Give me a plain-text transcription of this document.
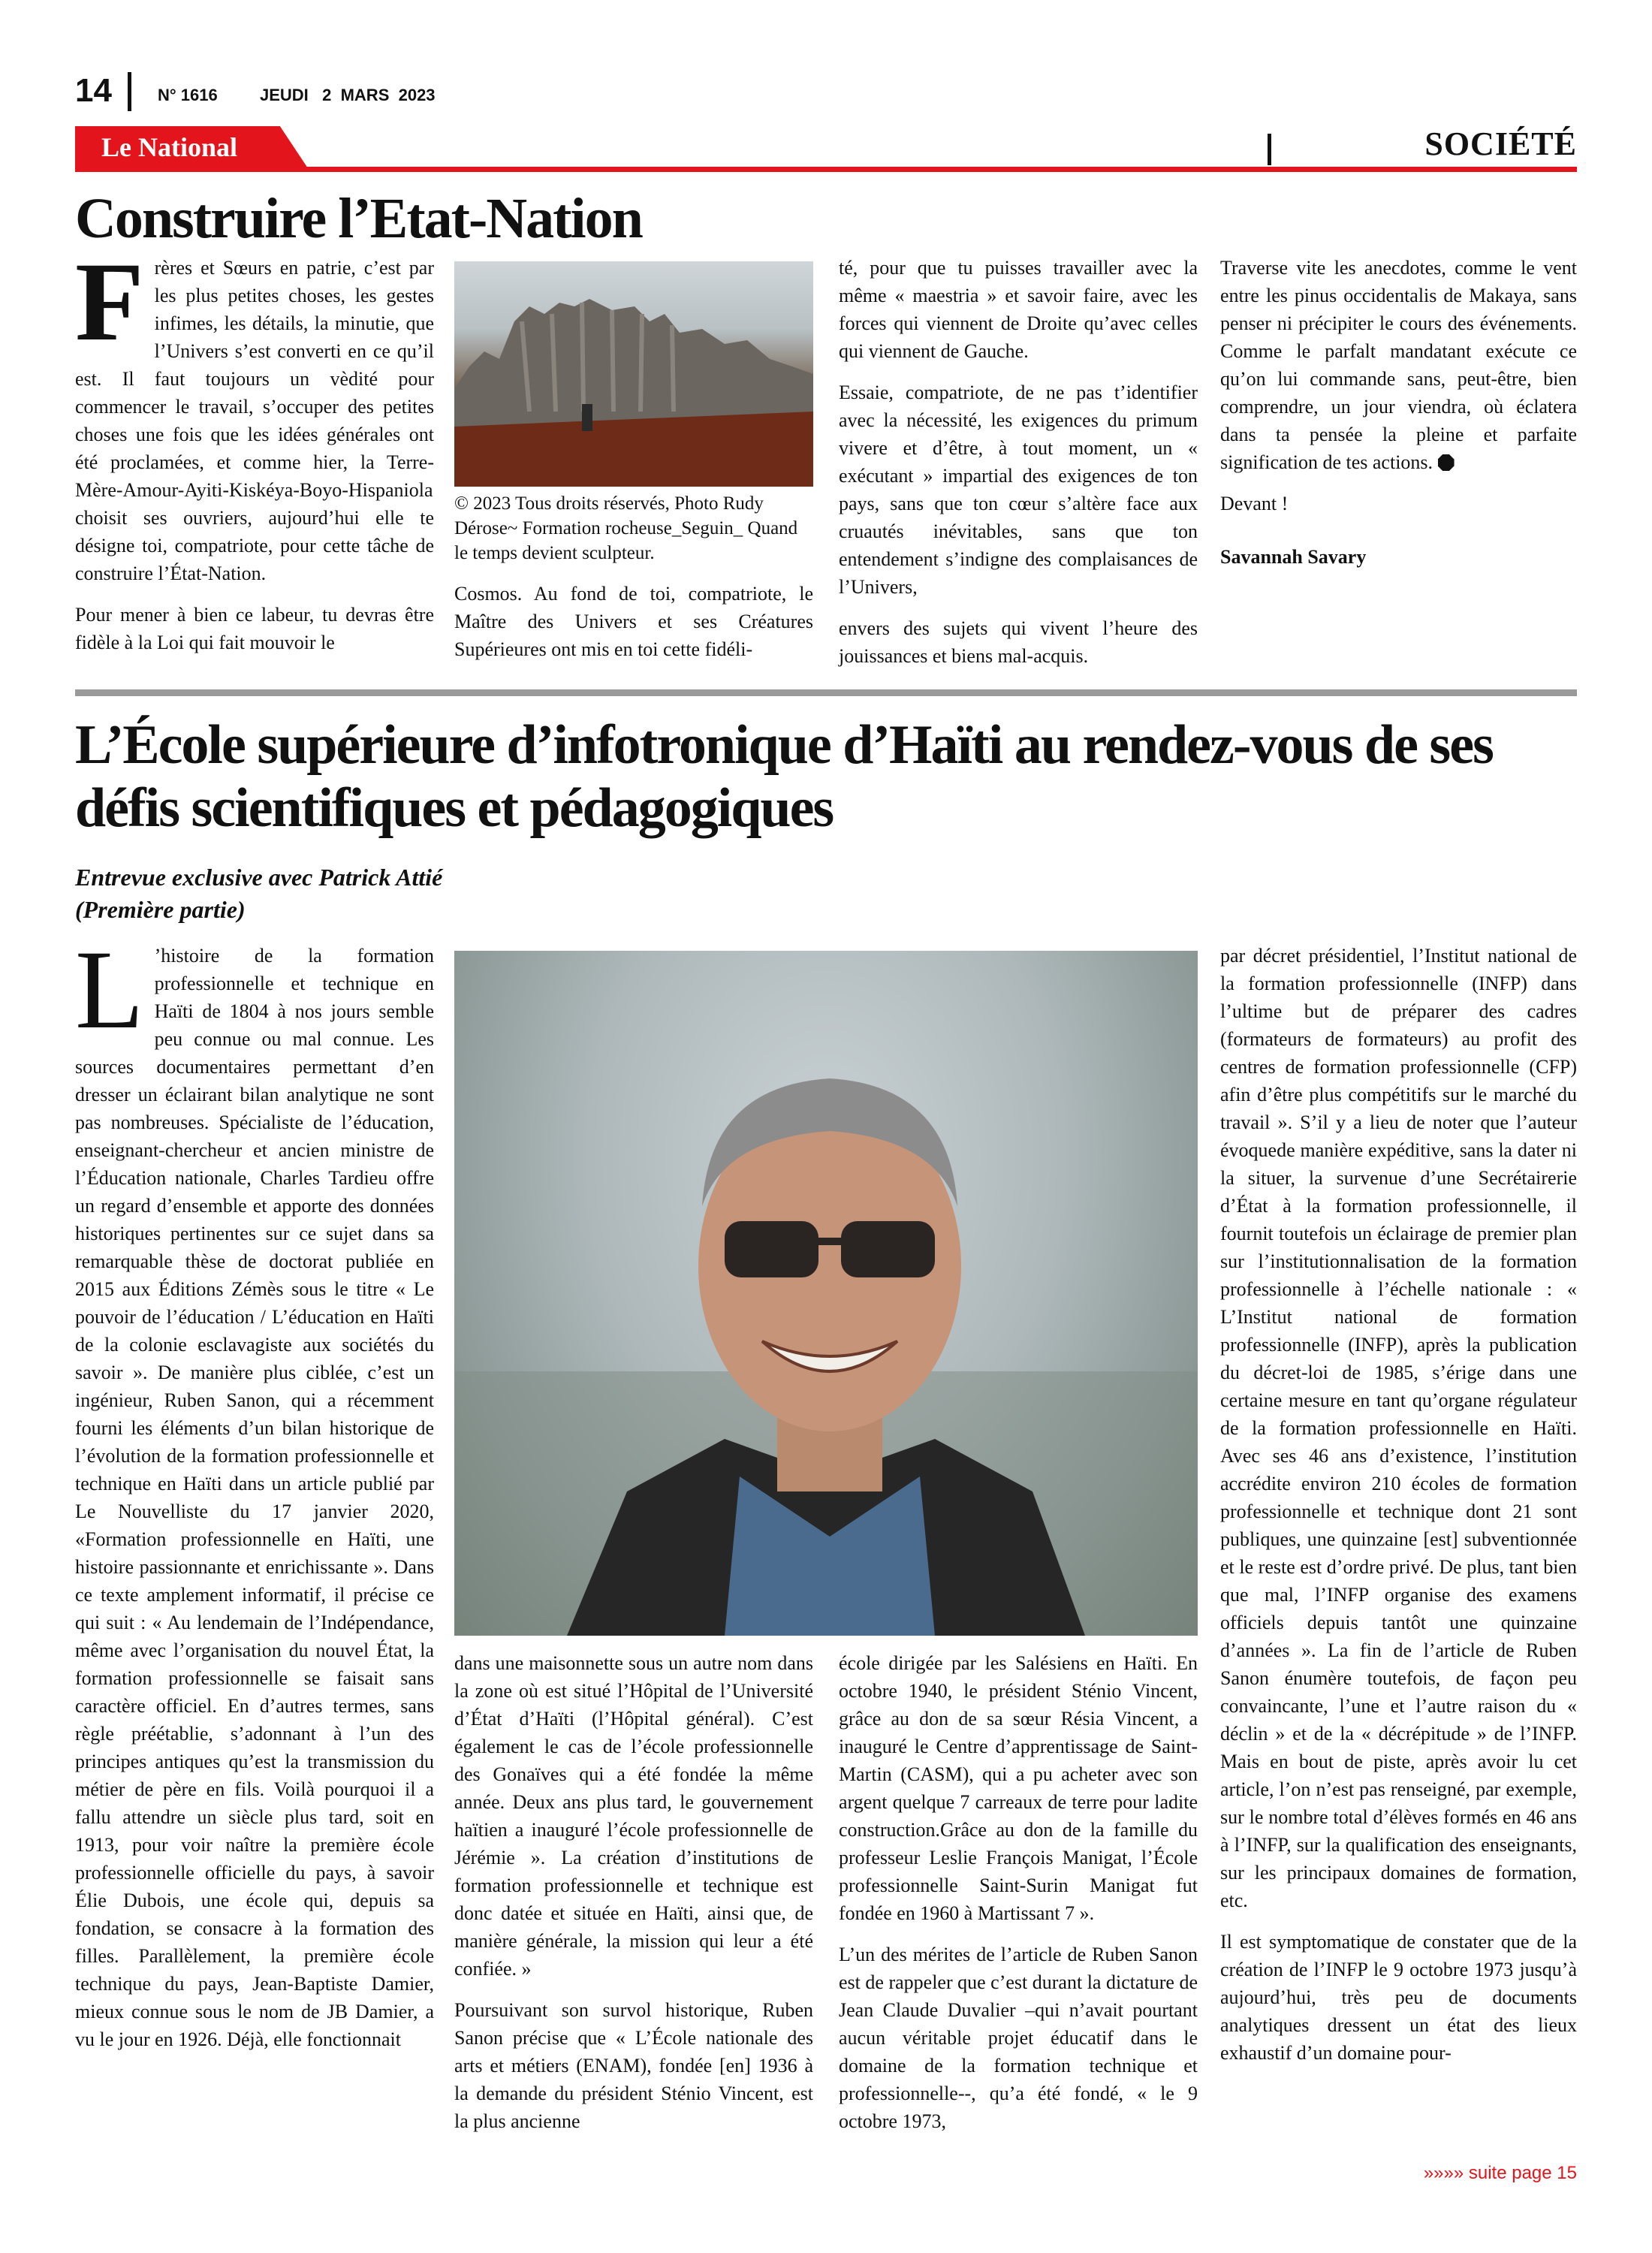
14	N° 1616	JEUDI   2  MARS  2023
Le National	SOCIÉTÉ
Construire l’Etat-Nation

Frères et Sœurs en patrie, c’est par les plus petites choses, les gestes infimes, les détails, la minutie, que l’Univers s’est converti en ce qu’il est. Il faut toujours un vèdité pour commencer le travail, s’occuper des petites choses une fois que les idées générales ont été proclamées, et comme hier, la Terre-Mère-Amour-Ayiti-Kiskéya-Boyo-Hispaniola choisit ses ouvriers, aujourd’hui elle te désigne toi, compatriote, pour cette tâche de construire l’État-Nation.

Pour mener à bien ce labeur, tu devras être fidèle à la Loi qui fait mouvoir le

© 2023 Tous droits réservés, Photo Rudy Dérose~ Formation rocheuse_Seguin_ Quand le temps devient sculpteur.

Cosmos. Au fond de toi, compatriote, le Maître des Univers et ses Créatures Supérieures ont mis en toi cette fidéli-

té, pour que tu puisses travailler avec la même « maestria » et savoir faire, avec les forces qui viennent de Droite qu’avec celles qui viennent de Gauche.

Essaie, compatriote, de ne pas t’identifier avec la nécessité, les exigences du primum vivere et d’être, à tout moment, un « exécutant » impartial des exigences de ton pays, sans que ton cœur s’altère face aux cruautés inévitables, sans que ton entendement s’indigne des complaisances de l’Univers,

envers des sujets qui vivent l’heure des jouissances et biens mal-acquis.

Traverse vite les anecdotes, comme le vent entre les pinus occidentalis de Makaya, sans penser ni précipiter le cours des événements. Comme le parfalt mandatant exécute ce qu’on lui commande sans, peut-être, bien comprendre, un jour viendra, où éclatera dans ta pensée la pleine et parfaite signification de tes actions.

Devant !

Savannah Savary

L’École supérieure d’infotronique d’Haïti au rendez-vous de ses défis scientifiques et pédagogiques
Entrevue exclusive avec Patrick Attié
(Première partie)

L ’histoire de la formation professionnelle et technique en Haïti de 1804 à nos jours semble peu connue ou mal connue. Les sources documentaires permettant d’en dresser un éclairant bilan analytique ne sont pas nombreuses. Spécialiste de l’éducation, enseignant-chercheur et ancien ministre de l’Éducation nationale, Charles Tardieu offre un regard d’ensemble et apporte des données historiques pertinentes sur ce sujet dans sa remarquable thèse de doctorat publiée en 2015 aux Éditions Zémès sous le titre « Le pouvoir de l’éducation / L’éducation en Haïti de la colonie esclavagiste aux sociétés du savoir ». De manière plus ciblée, c’est un ingénieur, Ruben Sanon, qui a récemment fourni les éléments d’un bilan historique de l’évolution de la formation professionnelle et technique en Haïti dans un article publié par Le Nouvelliste du 17 janvier 2020, «Formation professionnelle en Haïti, une histoire passionnante et enrichissante ». Dans ce texte amplement informatif, il précise ce qui suit : « Au lendemain de l’Indépendance, même avec l’organisation du nouvel État, la formation professionnelle se faisait sans caractère officiel. En d’autres termes, sans règle préétablie, s’adonnant à l’un des principes antiques qu’est la transmission du métier de père en fils. Voilà pourquoi il a fallu attendre un siècle plus tard, soit en 1913, pour voir naître la première école professionnelle officielle du pays, à savoir Élie Dubois, une école qui, depuis sa fondation, se consacre à la formation des filles. Parallèlement, la première école technique du pays, Jean-Baptiste Damier, mieux connue sous le nom de JB Damier, a vu le jour en 1926. Déjà, elle fonctionnait

dans une maisonnette sous un autre nom dans la zone où est situé l’Hôpital de l’Université d’État d’Haïti (l’Hôpital général). C’est également le cas de l’école professionnelle des Gonaïves qui a été fondée la même année. Deux ans plus tard, le gouvernement haïtien a inauguré l’école professionnelle de Jérémie ». La création d’institutions de formation professionnelle et technique est donc datée et située en Haïti, ainsi que, de manière générale, la mission qui leur a été confiée. »

Poursuivant son survol historique, Ruben Sanon précise que « L’École nationale des arts et métiers (ENAM), fondée [en] 1936 à la demande du président Sténio Vincent, est la plus ancienne

école dirigée par les Salésiens en Haïti. En octobre 1940, le président Sténio Vincent, grâce au don de sa sœur Résia Vincent, a inauguré le Centre d’apprentissage de Saint-Martin (CASM), qui a pu acheter avec son argent quelque 7 carreaux de terre pour ladite construction.Grâce au don de la famille du professeur Leslie François Manigat, l’École professionnelle Saint-Surin Manigat fut fondée en 1960 à Martissant 7 ».

L’un des mérites de l’article de Ruben Sanon est de rappeler que c’est durant la dictature de Jean Claude Duvalier –qui n’avait pourtant aucun véritable projet éducatif dans le domaine de la formation technique et professionnelle--, qu’a été fondé, « le 9 octobre 1973,

par décret présidentiel, l’Institut national de la formation professionnelle (INFP) dans l’ultime but de préparer des cadres (formateurs de formateurs) au profit des centres de formation professionnelle (CFP) afin d’être plus compétitifs sur le marché du travail ». S’il y a lieu de noter que l’auteur évoquede manière expéditive, sans la dater ni la situer, la survenue d’une Secrétairerie d’État à la formation professionnelle, il fournit toutefois un éclairage de premier plan sur l’institutionnalisation de la formation professionnelle à l’échelle nationale : « L’Institut national de formation professionnelle (INFP), après la publication du décret-loi de 1985, s’érige dans une certaine mesure en tant qu’organe régulateur de la formation professionnelle en Haïti. Avec ses 46 ans d’existence, l’institution accrédite environ 210 écoles de formation professionnelle et technique dont 21 sont publiques, une quinzaine [est] subventionnée et le reste est d’ordre privé. De plus, tant bien que mal, l’INFP organise des examens officiels depuis tantôt une quinzaine d’années ». La fin de l’article de Ruben Sanon énumère toutefois, de façon peu convaincante, l’une et l’autre raison du « déclin » et de la « décrépitude » de l’INFP. Mais en bout de piste, après avoir lu cet article, l’on n’est pas renseigné, par exemple, sur le nombre total d’élèves formés en 46 ans à l’INFP, sur la qualification des enseignants, sur les principaux domaines de formation, etc.

Il est symptomatique de constater que de la création de l’INFP le 9 octobre 1973 jusqu’à aujourd’hui, très peu de documents analytiques dressent un état des lieux exhaustif d’un domaine pour-

»»»» suite page 15
